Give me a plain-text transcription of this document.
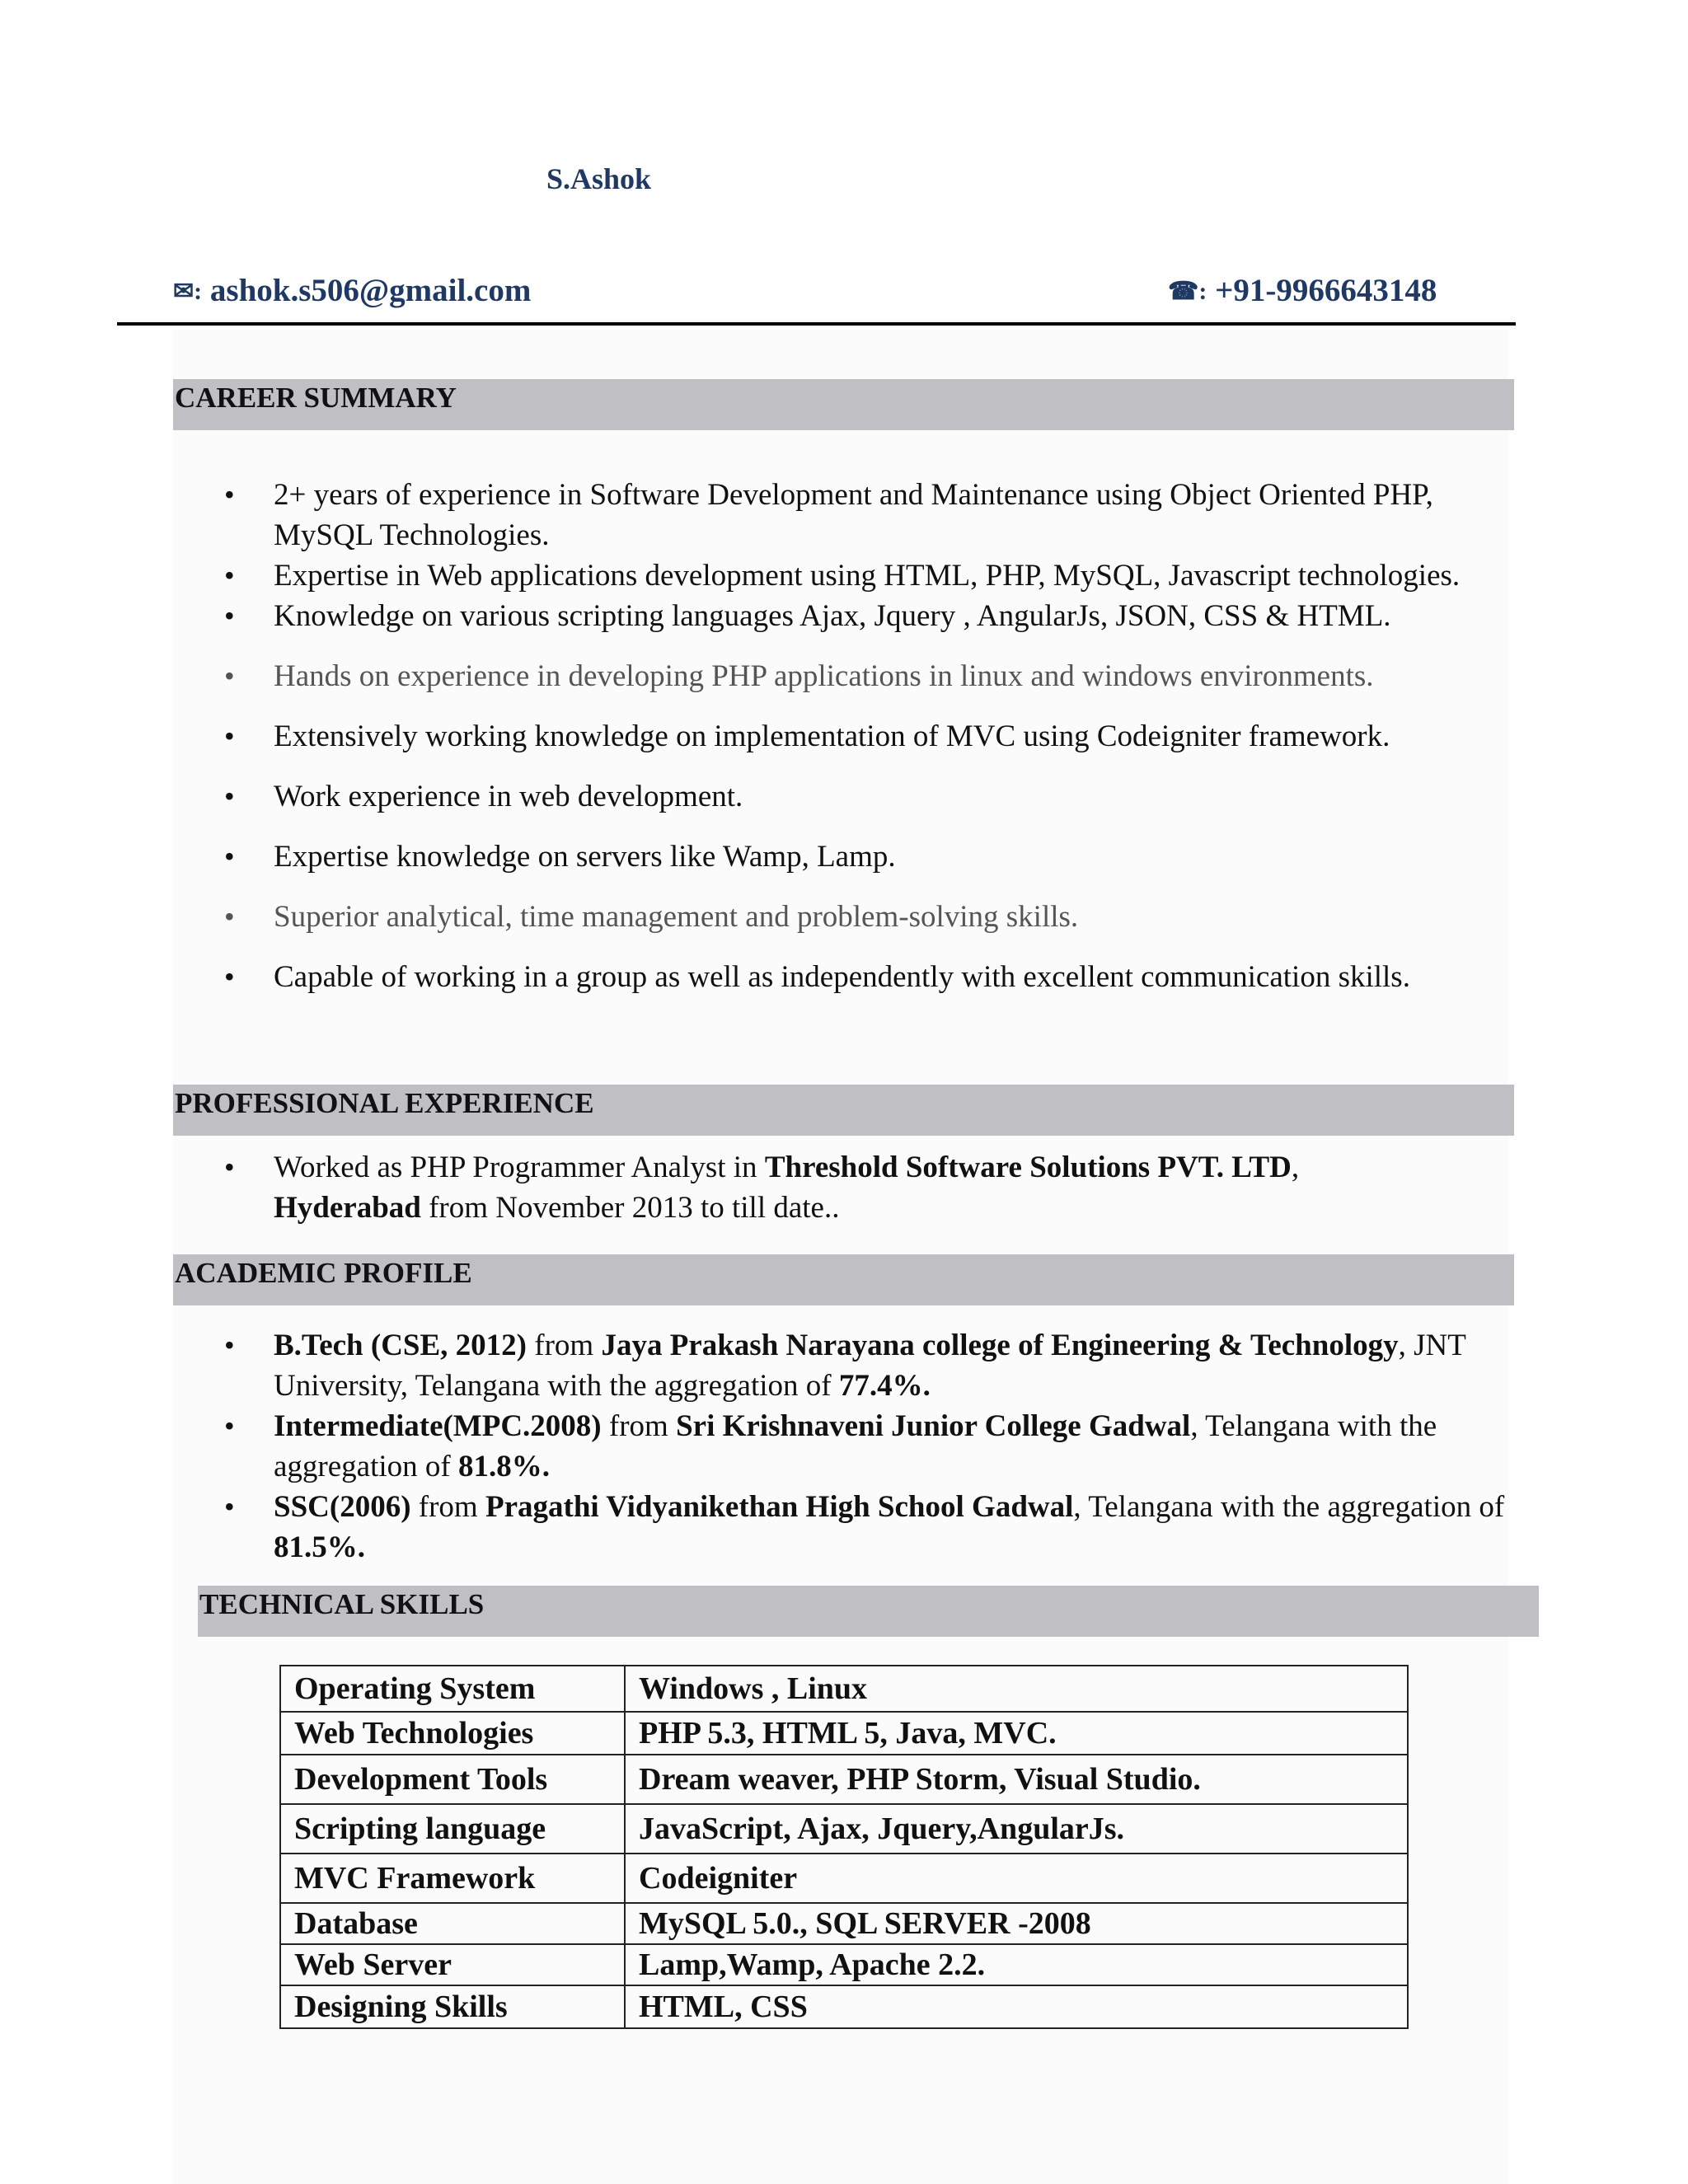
S.Ashok
✉: ashok.s506@gmail.com	☎: +91-9966643148
CAREER SUMMARY
• 2+ years of experience in Software Development and Maintenance using Object Oriented PHP, MySQL Technologies.
• Expertise in Web applications development using HTML, PHP, MySQL, Javascript technologies.
• Knowledge on various scripting languages Ajax, Jquery , AngularJs, JSON, CSS & HTML.
• Hands on experience in developing PHP applications in linux and windows environments.
• Extensively working knowledge on implementation of MVC using Codeigniter framework.
• Work experience in web development.
• Expertise knowledge on servers like Wamp, Lamp.
• Superior analytical, time management and problem-solving skills.
• Capable of working in a group as well as independently with excellent communication skills.
PROFESSIONAL EXPERIENCE
• Worked as PHP Programmer Analyst in Threshold Software Solutions PVT. LTD, Hyderabad from November 2013 to till date..
ACADEMIC PROFILE
• B.Tech (CSE, 2012) from Jaya Prakash Narayana college of Engineering & Technology, JNT University, Telangana with the aggregation of 77.4%.
• Intermediate(MPC.2008) from Sri Krishnaveni Junior College Gadwal, Telangana with the aggregation of 81.8%.
• SSC(2006) from Pragathi Vidyanikethan High School Gadwal, Telangana with the aggregation of 81.5%.
TECHNICAL SKILLS
Operating System	Windows , Linux
Web Technologies	PHP 5.3, HTML 5, Java, MVC.
Development Tools	Dream weaver, PHP Storm, Visual Studio.
Scripting language	JavaScript, Ajax, Jquery,AngularJs.
MVC Framework	Codeigniter
Database	MySQL 5.0., SQL SERVER -2008
Web Server	Lamp,Wamp, Apache 2.2.
Designing Skills	HTML, CSS
